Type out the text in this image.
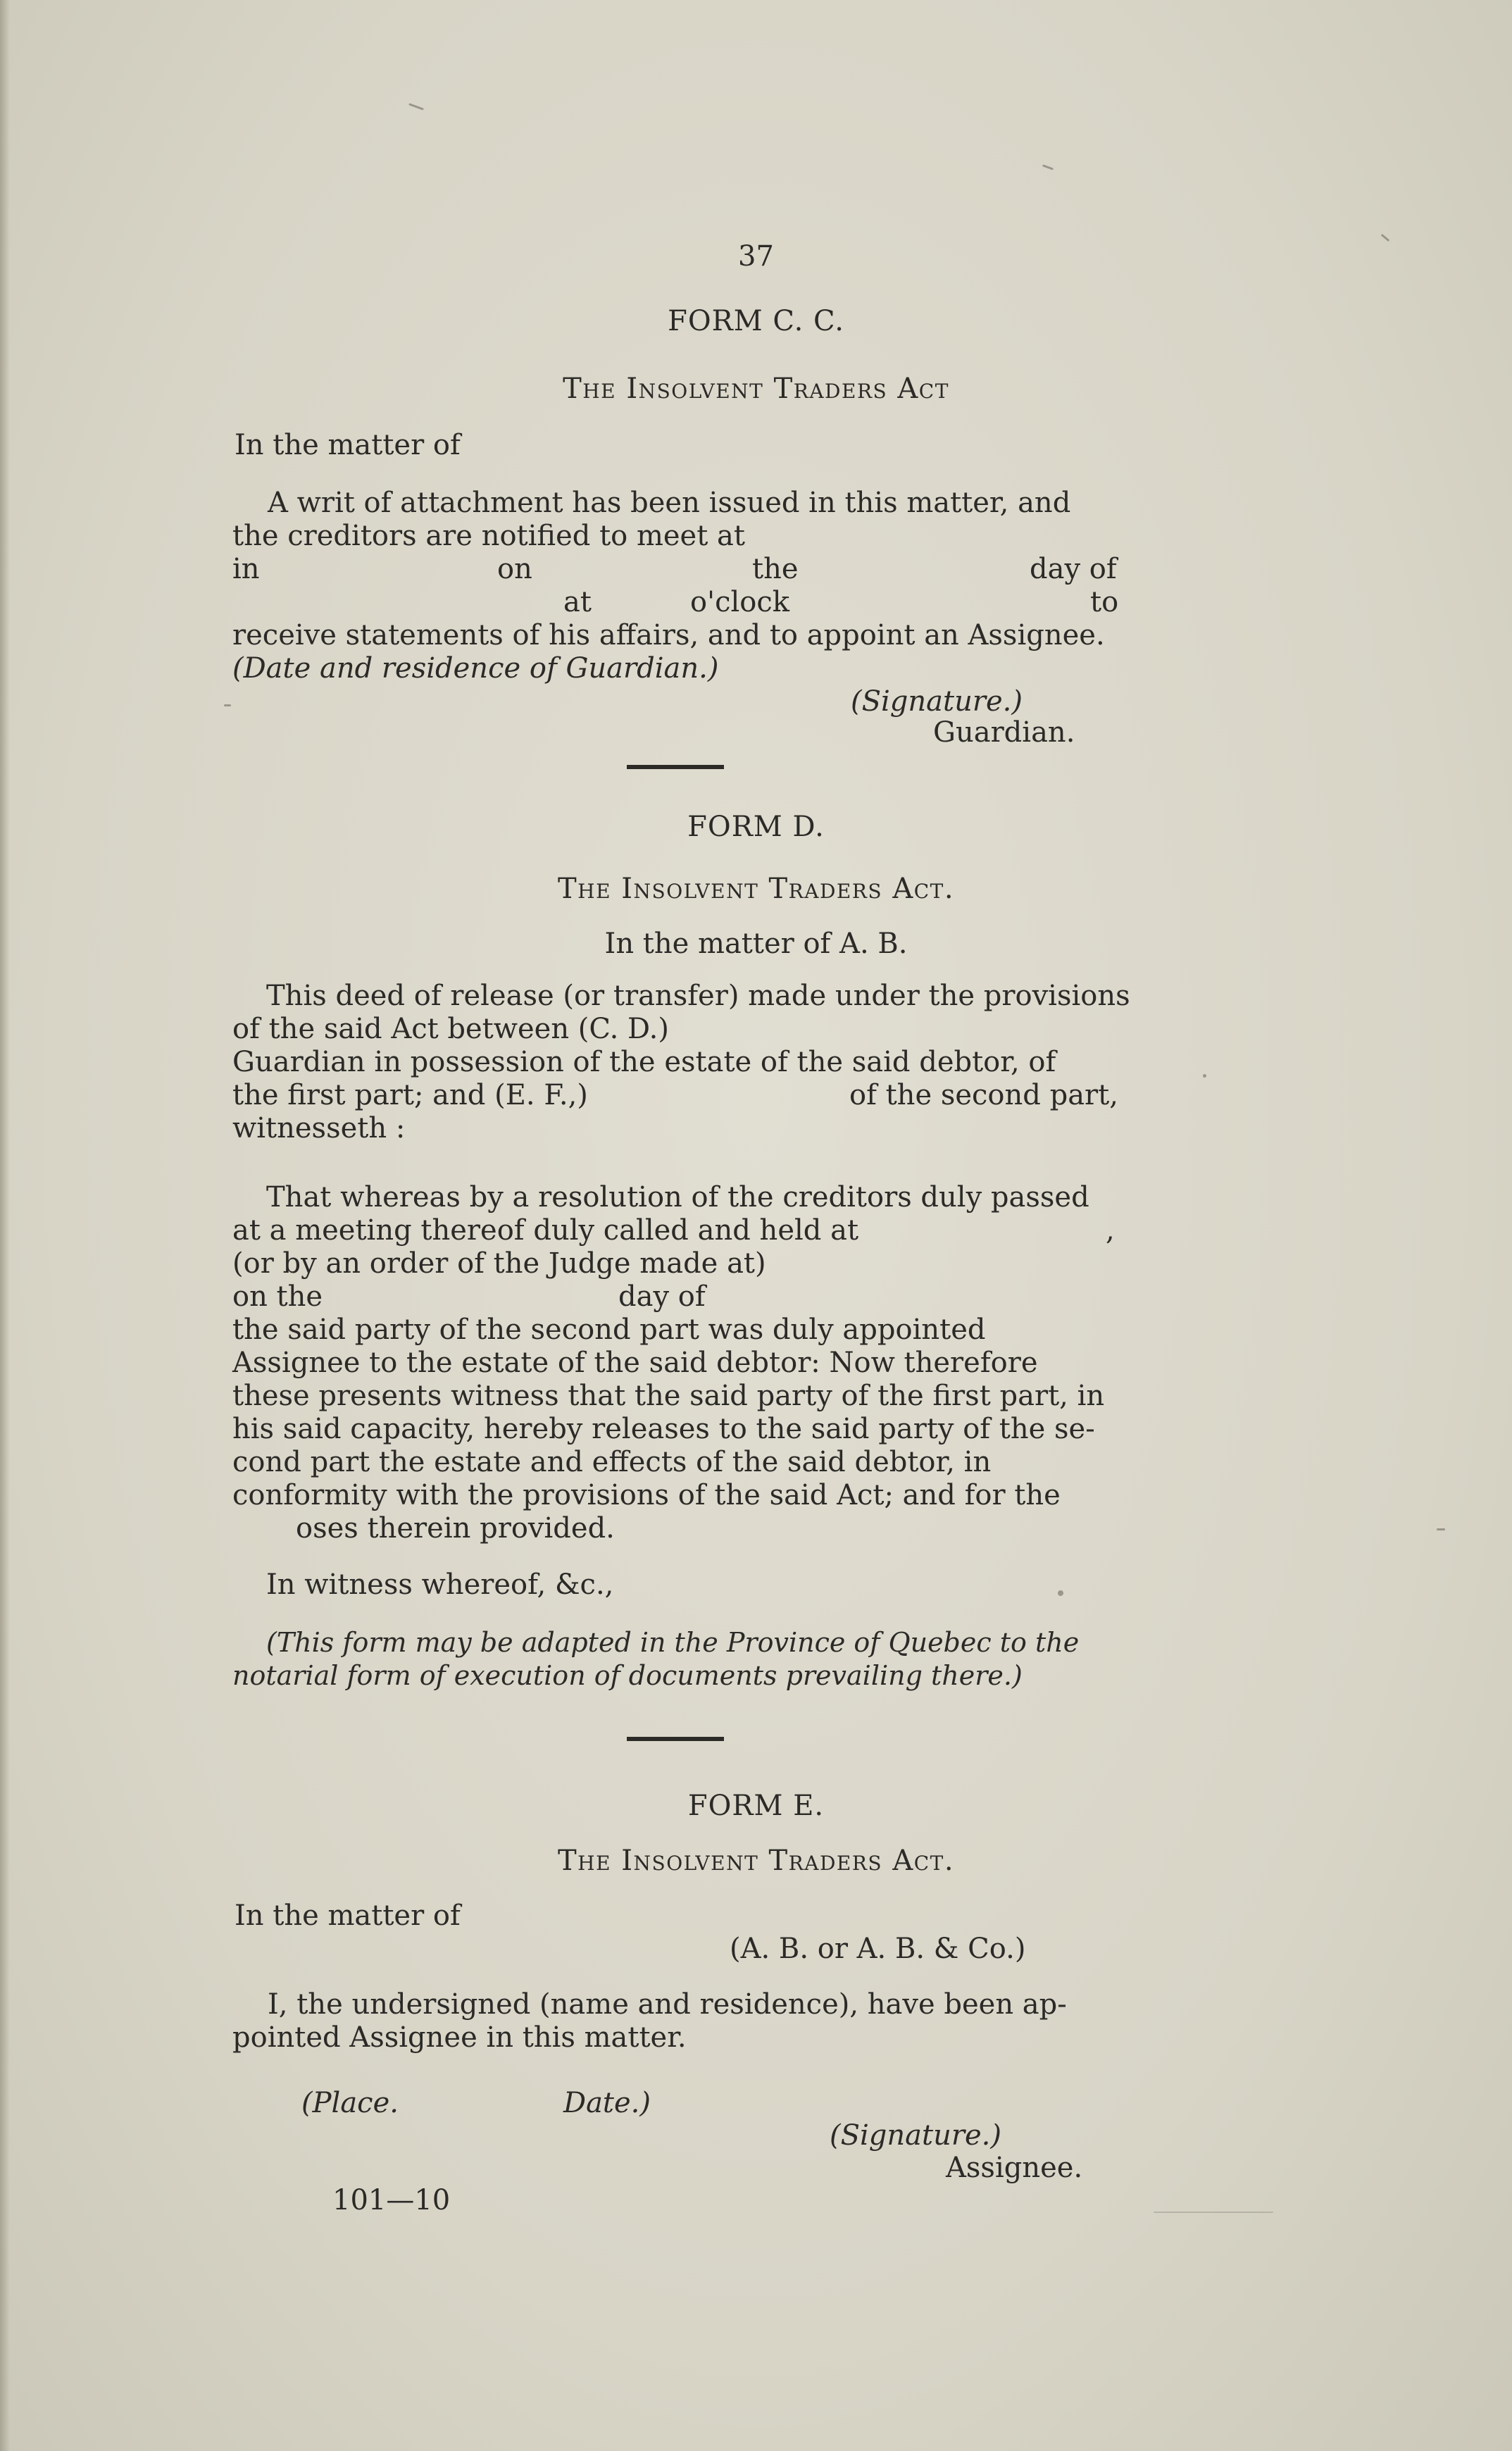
37
FORM C. C.
The Insolvent Traders Act
In the matter of
A writ of attachment has been issued in this matter, and
the creditors are notified to meet at
in	on	the	day of
at	o'clock	to
receive statements of his affairs, and to appoint an Assignee.
(Date and residence of Guardian.)
(Signature.)
Guardian.
FORM D.
The Insolvent Traders Act.
In the matter of A. B.
This deed of release (or transfer) made under the provisions
of the said Act between (C. D.)
Guardian in possession of the estate of the said debtor, of
the first part; and (E. F.,)	of the second part,
witnesseth :
That whereas by a resolution of the creditors duly passed
at a meeting thereof duly called and held at	,
(or by an order of the Judge made at)
on the	day of
the said party of the second part was duly appointed
Assignee to the estate of the said debtor: Now therefore
these presents witness that the said party of the first part, in
his said capacity, hereby releases to the said party of the se-
cond part the estate and effects of the said debtor, in
conformity with the provisions of the said Act; and for the
oses therein provided.
In witness whereof, &c.,
(This form may be adapted in the Province of Quebec to the
notarial form of execution of documents prevailing there.)
FORM E.
The Insolvent Traders Act.
In the matter of
(A. B. or A. B. & Co.)
I, the undersigned (name and residence), have been ap-
pointed Assignee in this matter.
(Place.	Date.)
(Signature.)
Assignee.
101—10
